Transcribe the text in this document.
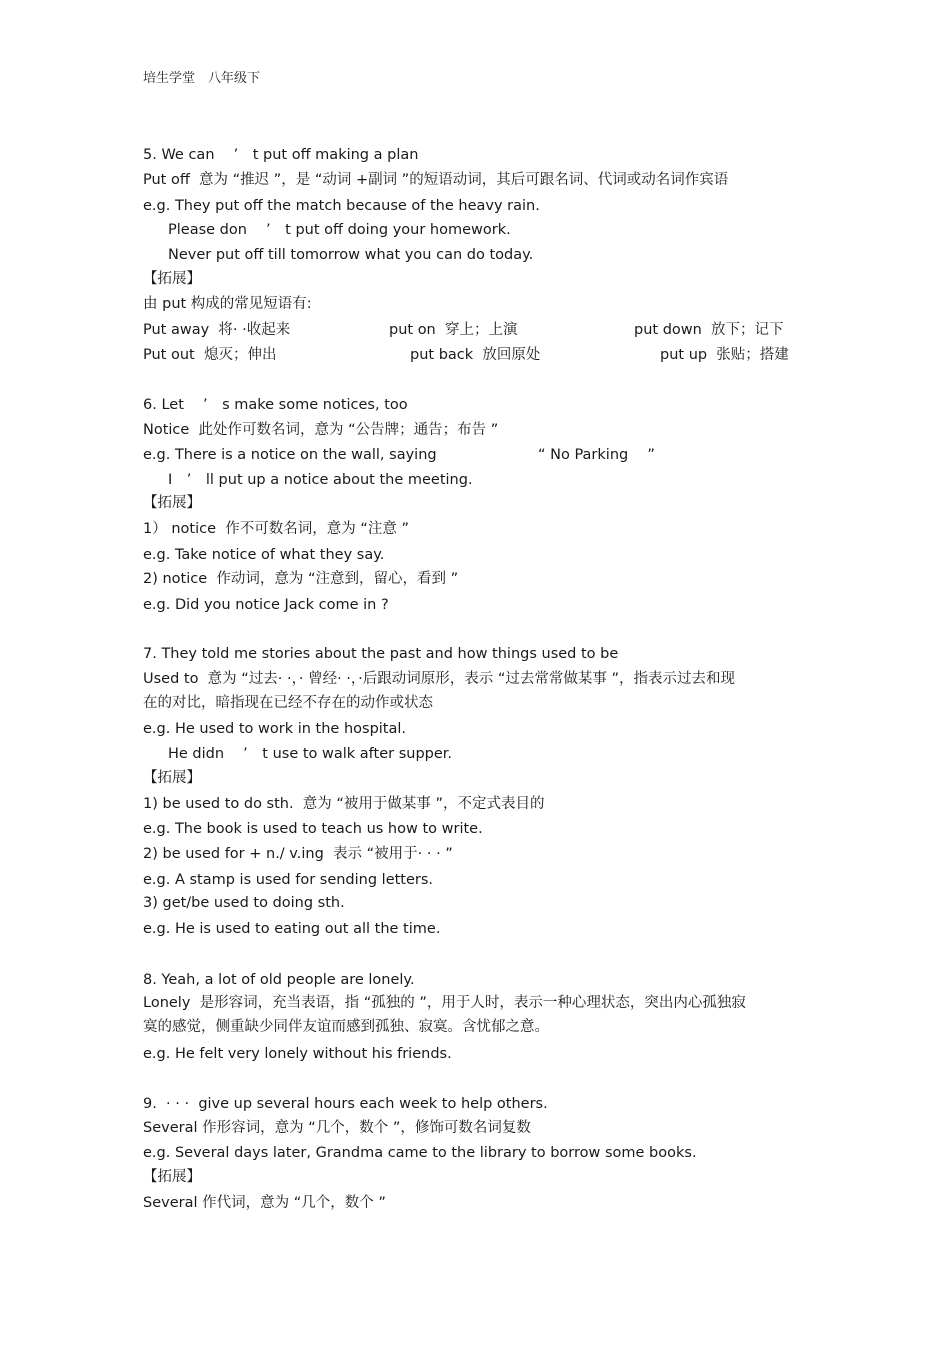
培生学堂　八年级下
5. We can　 ’　t put off making a plan
Put off  意为 “推迟 ”，是 “动词 +副词 ”的短语动词，其后可跟名词、代词或动名词作宾语
e.g. They put off the match because of the heavy rain.
Please don　 ’　t put off doing your homework.
Never put off till tomorrow what you can do today.
【拓展】
由 put 构成的常见短语有:
Put away  将· ·收起来	put on  穿上；上演	put down  放下；记下
Put out  熄灭；伸出	put back  放回原处	put up  张贴；搭建
6. Let　 ’　s make some notices, too
Notice  此处作可数名词，意为 “公告牌；通告；布告 ”
e.g. There is a notice on the wall, saying	“ No Parking　 ”
I　’　ll put up a notice about the meeting.
【拓展】
1） notice  作不可数名词，意为 “注意 ”
e.g. Take notice of what they say.
2) notice  作动词，意为 “注意到，留心，看到 ”
e.g. Did you notice Jack come in ?
7. They told me stories about the past and how things used to be
Used to  意为 “过去· ·，· 曾经· ·，·后跟动词原形，表示 “过去常常做某事 ”，指表示过去和现
在的对比，暗指现在已经不存在的动作或状态
e.g. He used to work in the hospital.
He didn　 ’　t use to walk after supper.
【拓展】
1) be used to do sth.  意为 “被用于做某事 ”，不定式表目的
e.g. The book is used to teach us how to write.
2) be used for + n./ v.ing  表示 “被用于· · · ”
e.g. A stamp is used for sending letters.
3) get/be used to doing sth.
e.g. He is used to eating out all the time.
8. Yeah, a lot of old people are lonely.
Lonely  是形容词，充当表语，指 “孤独的 ”，用于人时，表示一种心理状态，突出内心孤独寂
寞的感觉，侧重缺少同伴友谊而感到孤独、寂寞。含忧郁之意。
e.g. He felt very lonely without his friends.
9.  · · ·  give up several hours each week to help others.
Several 作形容词，意为 “几个，数个 ”，修饰可数名词复数
e.g. Several days later, Grandma came to the library to borrow some books.
【拓展】
Several 作代词，意为 “几个，数个 ”
